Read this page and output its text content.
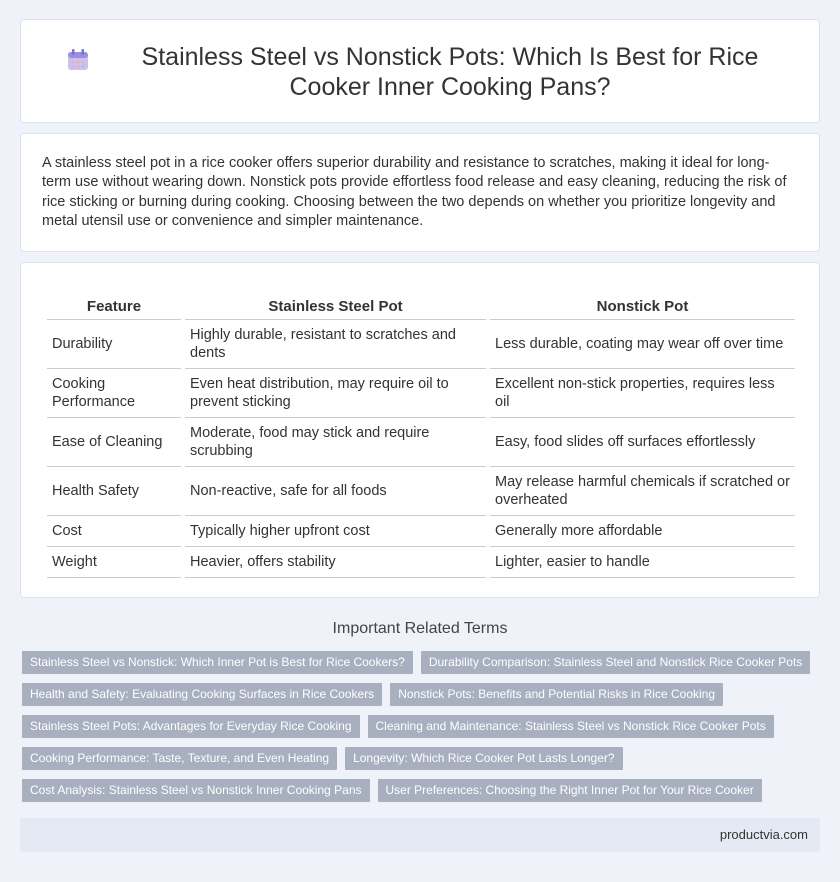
Stainless Steel vs Nonstick Pots: Which Is Best for Rice Cooker Inner Cooking Pans?

A stainless steel pot in a rice cooker offers superior durability and resistance to scratches, making it ideal for long-term use without wearing down. Nonstick pots provide effortless food release and easy cleaning, reducing the risk of rice sticking or burning during cooking. Choosing between the two depends on whether you prioritize longevity and metal utensil use or convenience and simpler maintenance.

Feature	Stainless Steel Pot	Nonstick Pot
Durability	Highly durable, resistant to scratches and dents	Less durable, coating may wear off over time
Cooking Performance	Even heat distribution, may require oil to prevent sticking	Excellent non-stick properties, requires less oil
Ease of Cleaning	Moderate, food may stick and require scrubbing	Easy, food slides off surfaces effortlessly
Health Safety	Non-reactive, safe for all foods	May release harmful chemicals if scratched or overheated
Cost	Typically higher upfront cost	Generally more affordable
Weight	Heavier, offers stability	Lighter, easier to handle
Important Related Terms
Stainless Steel vs Nonstick: Which Inner Pot is Best for Rice Cookers?	Durability Comparison: Stainless Steel and Nonstick Rice Cooker Pots
Health and Safety: Evaluating Cooking Surfaces in Rice Cookers	Nonstick Pots: Benefits and Potential Risks in Rice Cooking
Stainless Steel Pots: Advantages for Everyday Rice Cooking	Cleaning and Maintenance: Stainless Steel vs Nonstick Rice Cooker Pots
Cooking Performance: Taste, Texture, and Even Heating	Longevity: Which Rice Cooker Pot Lasts Longer?
Cost Analysis: Stainless Steel vs Nonstick Inner Cooking Pans	User Preferences: Choosing the Right Inner Pot for Your Rice Cooker
productvia.com
